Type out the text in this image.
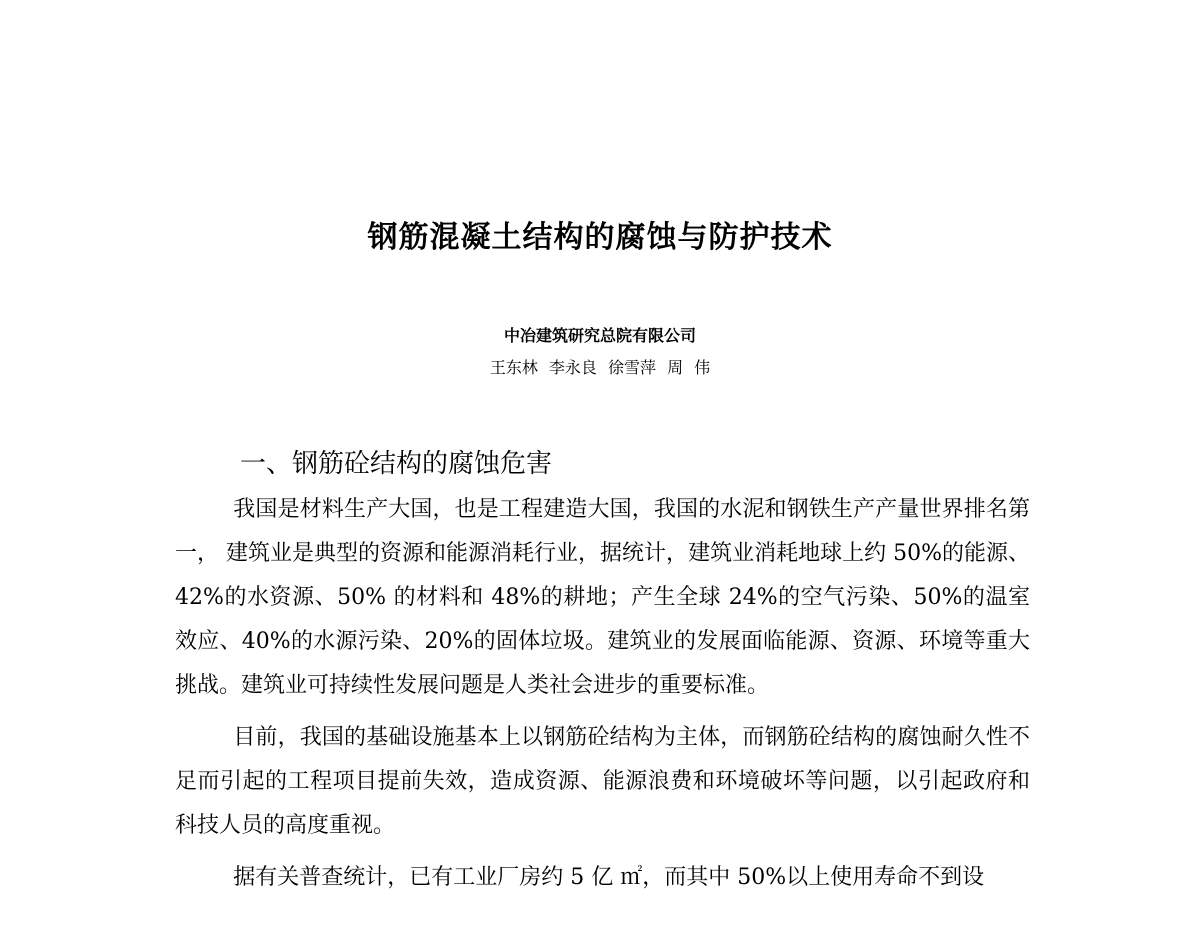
钢筋混凝土结构的腐蚀与防护技术
中冶建筑研究总院有限公司
王东林 李永良 徐雪萍 周 伟
一、钢筋砼结构的腐蚀危害

我国是材料生产大国，也是工程建造大国，我国的水泥和钢铁生产产量世界排名第一， 建筑业是典型的资源和能源消耗行业，据统计，建筑业消耗地球上约 50%的能源、42%的水资源、50% 的材料和 48%的耕地；产生全球 24%的空气污染、50%的温室效应、40%的水源污染、20%的固体垃圾。建筑业的发展面临能源、资源、环境等重大挑战。建筑业可持续性发展问题是人类社会进步的重要标准。

目前，我国的基础设施基本上以钢筋砼结构为主体，而钢筋砼结构的腐蚀耐久性不足而引起的工程项目提前失效，造成资源、能源浪费和环境破坏等问题，以引起政府和科技人员的高度重视。

据有关普查统计，已有工业厂房约 5 亿 ㎡，而其中 50%以上使用寿命不到设
